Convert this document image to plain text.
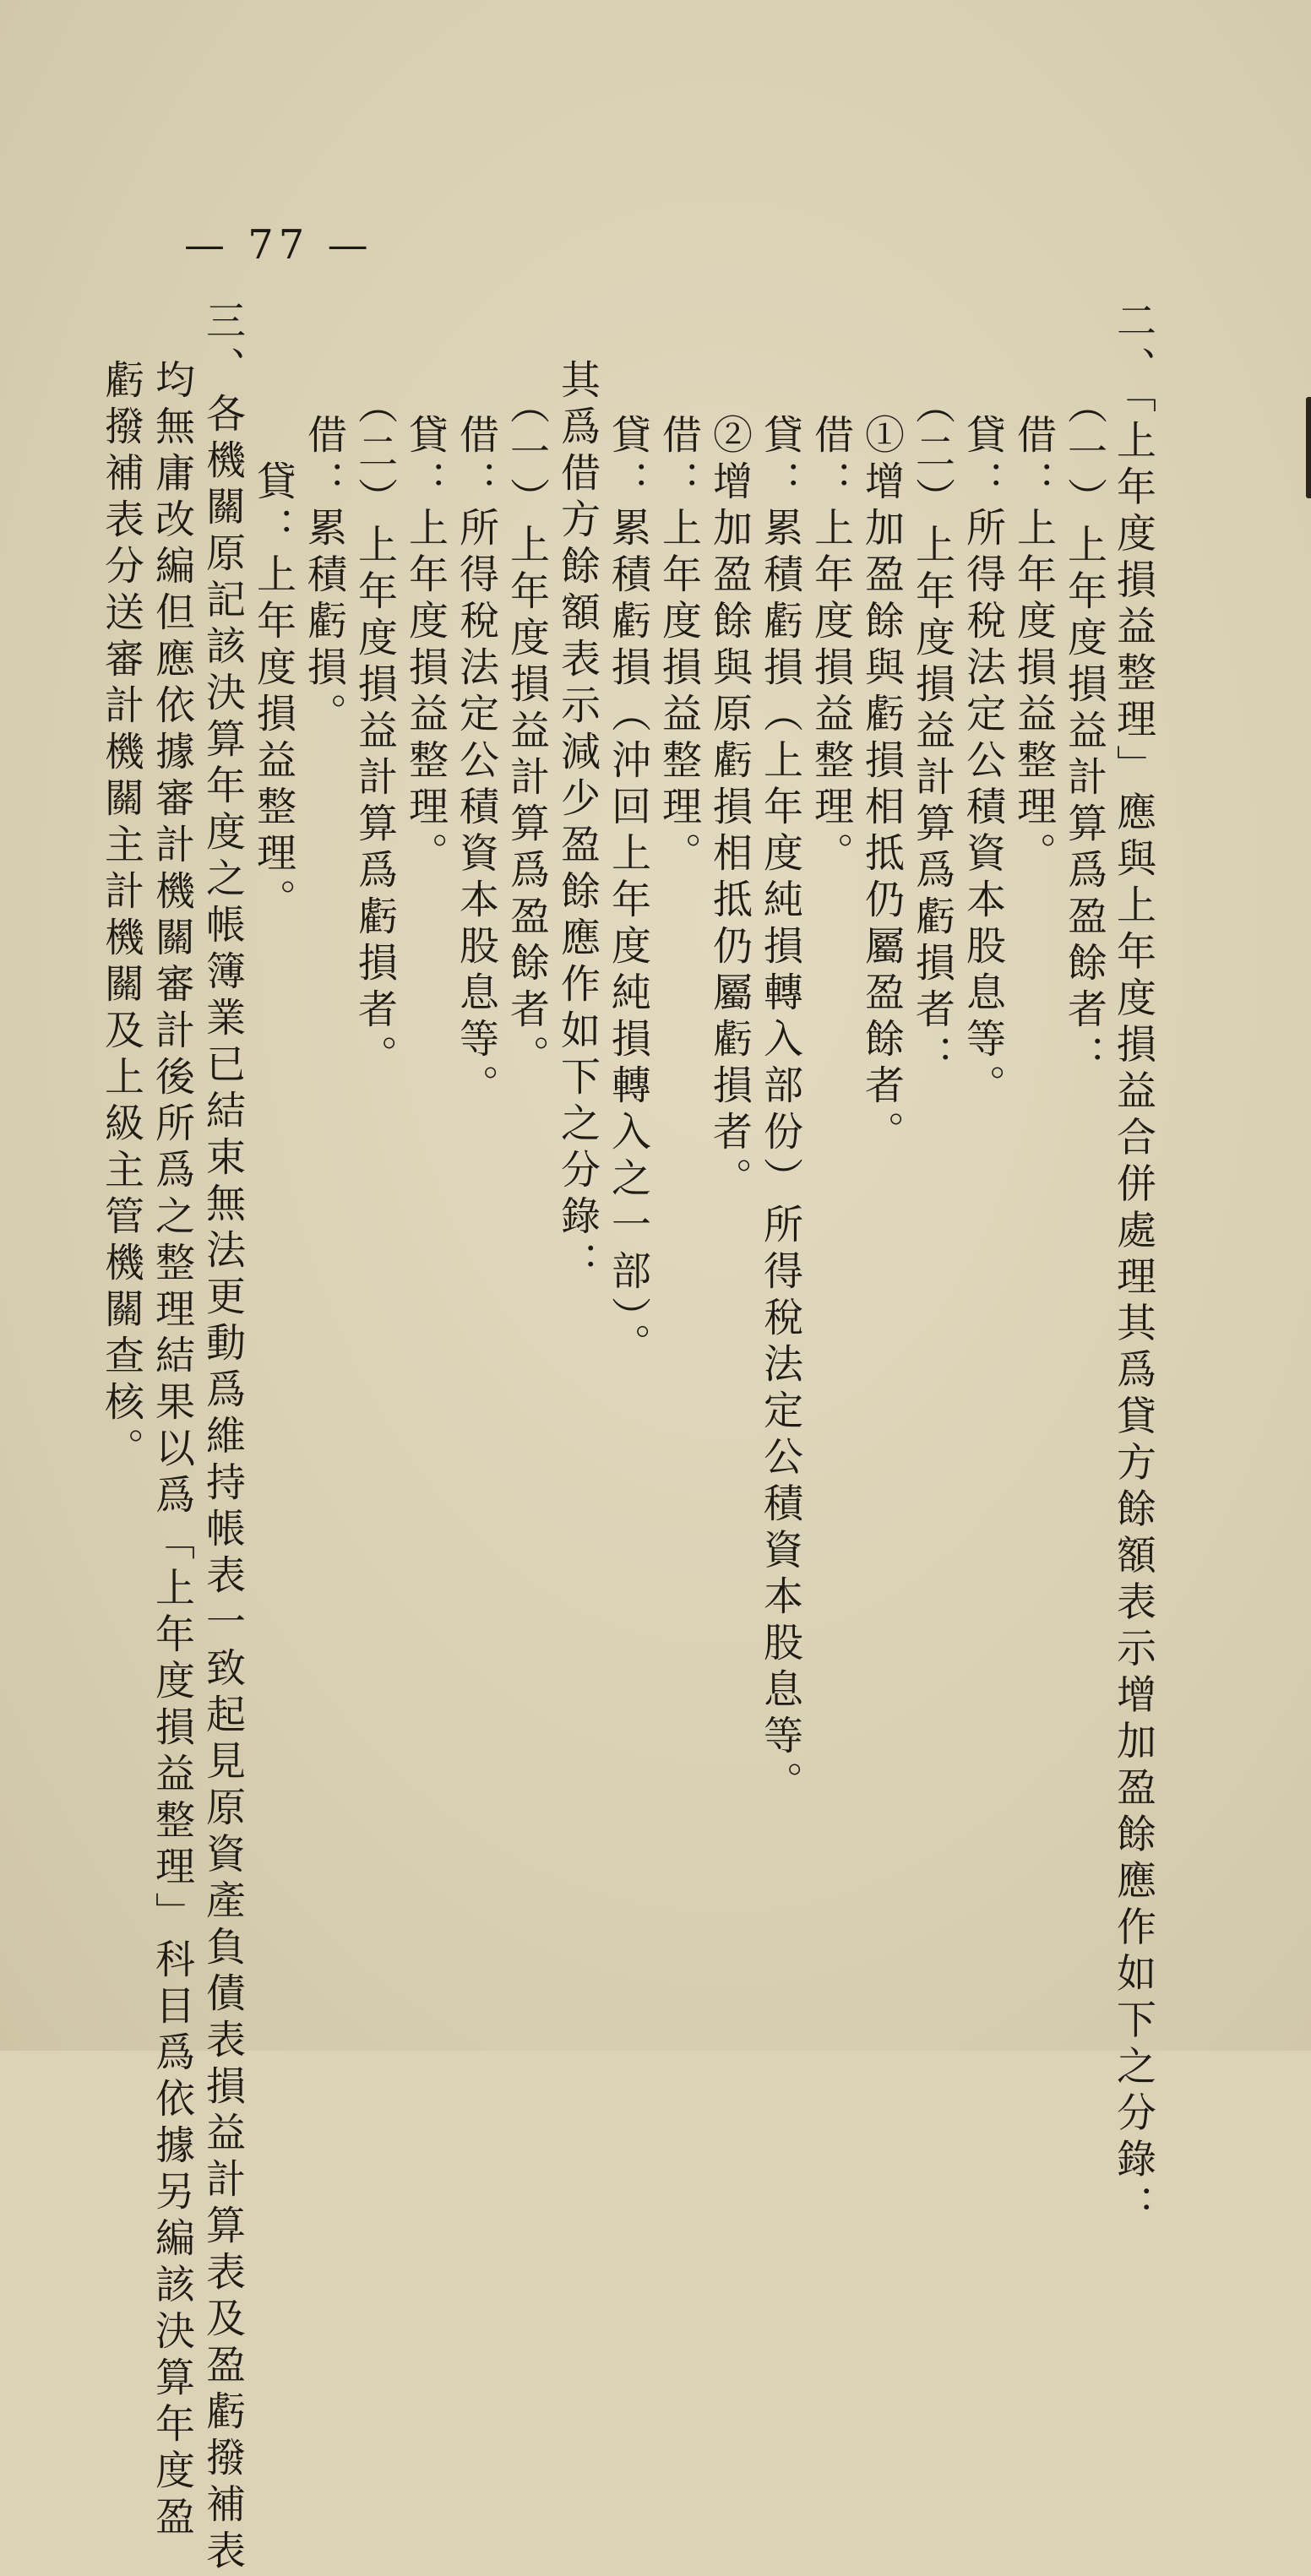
— 77 —
二、「上年度損益整理」應與上年度損益合併處理其爲貸方餘額表示增加盈餘應作如下之分錄：
（一）上年度損益計算爲盈餘者：
借：上年度損益整理。
貸：所得稅法定公積資本股息等。
（二）上年度損益計算爲虧損者：
①增加盈餘與虧損相抵仍屬盈餘者。
借：上年度損益整理。
貸：累積虧損（上年度純損轉入部份）所得稅法定公積資本股息等。
②增加盈餘與原虧損相抵仍屬虧損者。
借：上年度損益整理。
貸：累積虧損（沖回上年度純損轉入之一部）。
其爲借方餘額表示減少盈餘應作如下之分錄：
（一）上年度損益計算爲盈餘者。
借：所得稅法定公積資本股息等。
貸：上年度損益整理。
（二）上年度損益計算爲虧損者。
借：累積虧損。
貸：上年度損益整理。
三、各機關原記該決算年度之帳簿業已結束無法更動爲維持帳表一致起見原資產負債表損益計算表及盈虧撥補表
均無庸改編但應依據審計機關審計後所爲之整理結果以爲「上年度損益整理」科目爲依據另編該決算年度盈
虧撥補表分送審計機關主計機關及上級主管機關查核。
